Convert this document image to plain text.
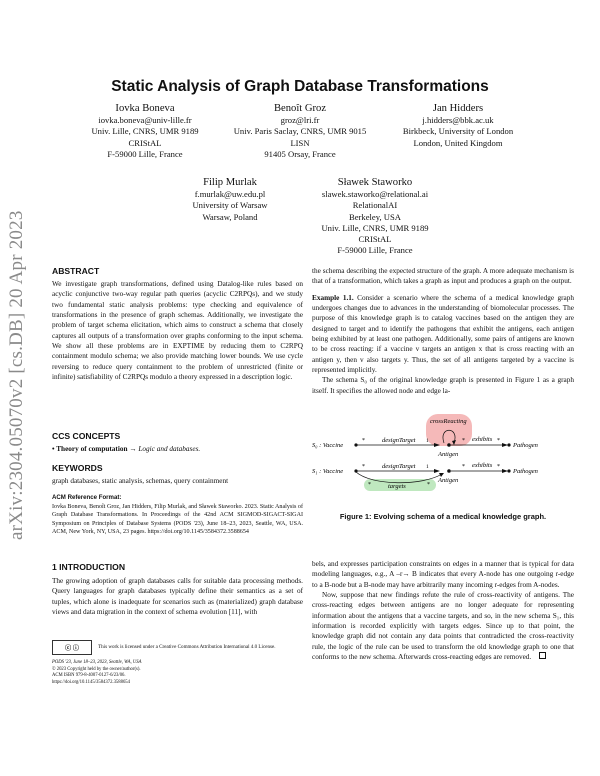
Static Analysis of Graph Database Transformations
arXiv:2304.05070v2 [cs.DB] 20 Apr 2023
Iovka Boneva
iovka.boneva@univ-lille.fr
Univ. Lille, CNRS, UMR 9189
CRIStAL
F-59000 Lille, France
Benoît Groz
groz@lri.fr
Univ. Paris Saclay, CNRS, UMR 9015
LISN
91405 Orsay, France
Jan Hidders
j.hidders@bbk.ac.uk
Birkbeck, University of London
London, United Kingdom
Filip Murlak
f.murlak@uw.edu.pl
University of Warsaw
Warsaw, Poland
Sławek Staworko
slawek.staworko@relational.ai
RelationalAI
Berkeley, USA
Univ. Lille, CNRS, UMR 9189
CRIStAL
F-59000 Lille, France
ABSTRACT

We investigate graph transformations, defined using Datalog-like rules based on acyclic conjunctive two-way regular path queries (acyclic C2RPQs), and we study two fundamental static analysis problems: type checking and equivalence of transformations in the presence of graph schemas. Additionally, we investigate the problem of target schema elicitation, which aims to construct a schema that closely captures all outputs of a transformation over graphs conforming to the input schema. We show all these problems are in EXPTIME by reducing them to C2RPQ containment modulo schema; we also provide matching lower bounds. We use cycle reversing to reduce query containment to the problem of unrestricted (finite or infinite) satisfiability of C2RPQs modulo a theory expressed in a description logic.

CCS CONCEPTS

• Theory of computation → Logic and databases.

KEYWORDS

graph databases, static analysis, schemas, query containment

ACM Reference Format:

Iovka Boneva, Benoît Groz, Jan Hidders, Filip Murlak, and Sławek Staworko. 2023. Static Analysis of Graph Database Transformations. In Proceedings of the 42nd ACM SIGMOD-SIGACT-SIGAI Symposium on Principles of Database Systems (PODS '23), June 18–23, 2023, Seattle, WA, USA. ACM, New York, NY, USA, 23 pages. https://doi.org/10.1145/3584372.3588654

1 INTRODUCTION

The growing adoption of graph databases calls for suitable data processing methods. Query languages for graph databases typically define their semantics as a set of tuples, which alone is inadequate for scenarios such as (materialized) graph database views and data migration in the context of schema evolution [11], with

ⓒ ⓘ	This work is licensed under a Creative Commons Attribution International 4.0 License.
PODS '23, June 18–23, 2023, Seattle, WA, USA
© 2023 Copyright held by the owner/author(s).
ACM ISBN 979-8-4007-0127-6/23/06.
https://doi.org/10.1145/3584372.3588654

the schema describing the expected structure of the graph. A more adequate mechanism is that of a transformation, which takes a graph as input and produces a graph on the output.

Example 1.1. Consider a scenario where the schema of a medical knowledge graph undergoes changes due to advances in the understanding of biomolecular processes. The purpose of this knowledge graph is to catalog vaccines based on the antigen they are designed to target and to identify the pathogens that exhibit the antigens, each antigen being exhibited by at least one pathogen. Additionally, some pairs of antigens are known to be cross reacting: if a vaccine v targets an antigen x that is cross reacting with an antigen y, then v also targets y. Thus, the set of all antigens targeted by a vaccine is represented implicitly.

The schema S₀ of the original knowledge graph is presented in Figure 1 as a graph itself. It specifies the allowed node and edge la-

S₀ : Vaccine
designTarget
*	1
Antigen
crossReacting
* exhibits *
Pathogen
S₁ : Vaccine
designTarget
*	1
Antigen
targets
*	*
* exhibits *
Pathogen
Figure 1: Evolving schema of a medical knowledge graph.

bels, and expresses participation constraints on edges in a manner that is typical for data modeling languages, e.g., A –r→ B indicates that every A-node has one outgoing r-edge to a B-node but a B-node may have arbitrarily many incoming r-edges from A-nodes.

Now, suppose that new findings refute the rule of cross-reactivity of antigens. The cross-reacting edges between antigens are no longer adequate for representing information about the antigens that a vaccine targets, and so, in the new schema S₁, this information is recorded explicitly with targets edges. Since up to that point, the knowledge graph did not contain any data points that contradicted the cross-reactivity rule, the logic of the rule can be used to transform the old knowledge graph to one that conforms to the new schema. Afterwards cross-reacting edges are removed.
